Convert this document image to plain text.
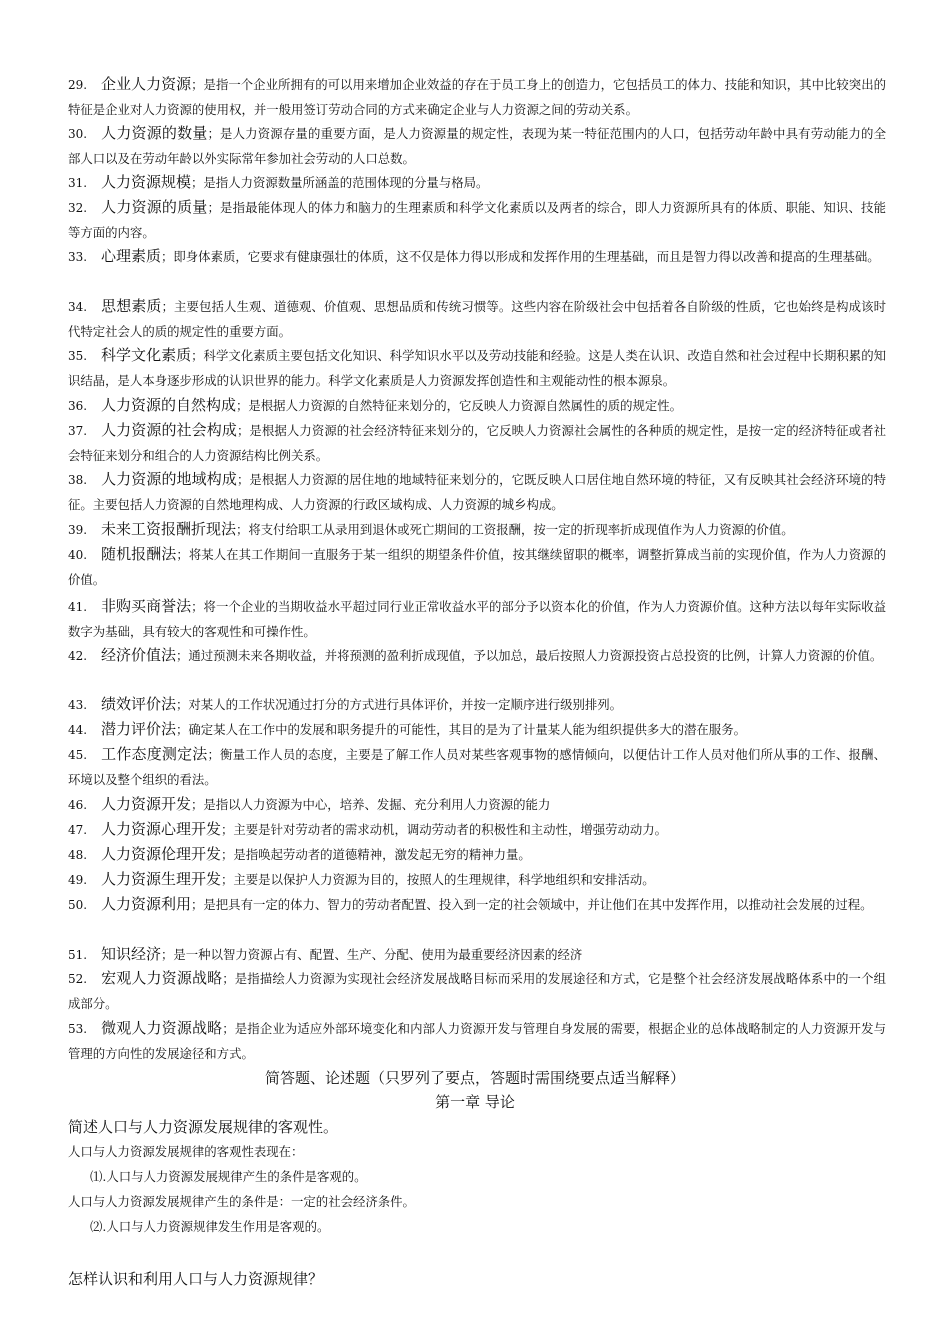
29. 企业人力资源；是指一个企业所拥有的可以用来增加企业效益的存在于员工身上的创造力，它包括员工的体力、技能和知识，其中比较突出的特征是企业对人力资源的使用权，并一般用签订劳动合同的方式来确定企业与人力资源之间的劳动关系。

30. 人力资源的数量；是人力资源存量的重要方面，是人力资源量的规定性，表现为某一特征范围内的人口，包括劳动年龄中具有劳动能力的全部人口以及在劳动年龄以外实际常年参加社会劳动的人口总数。

31. 人力资源规模；是指人力资源数量所涵盖的范围体现的分量与格局。

32. 人力资源的质量；是指最能体现人的体力和脑力的生理素质和科学文化素质以及两者的综合，即人力资源所具有的体质、职能、知识、技能等方面的内容。

33. 心理素质；即身体素质，它要求有健康强壮的体质，这不仅是体力得以形成和发挥作用的生理基础，而且是智力得以改善和提高的生理基础。

34. 思想素质；主要包括人生观、道德观、价值观、思想品质和传统习惯等。这些内容在阶级社会中包括着各自阶级的性质，它也始终是构成该时代特定社会人的质的规定性的重要方面。

35. 科学文化素质；科学文化素质主要包括文化知识、科学知识水平以及劳动技能和经验。这是人类在认识、改造自然和社会过程中长期积累的知识结晶，是人本身逐步形成的认识世界的能力。科学文化素质是人力资源发挥创造性和主观能动性的根本源泉。

36. 人力资源的自然构成；是根据人力资源的自然特征来划分的，它反映人力资源自然属性的质的规定性。

37. 人力资源的社会构成；是根据人力资源的社会经济特征来划分的，它反映人力资源社会属性的各种质的规定性，是按一定的经济特征或者社会特征来划分和组合的人力资源结构比例关系。

38. 人力资源的地域构成；是根据人力资源的居住地的地域特征来划分的，它既反映人口居住地自然环境的特征，又有反映其社会经济环境的特征。主要包括人力资源的自然地理构成、人力资源的行政区域构成、人力资源的城乡构成。

39. 未来工资报酬折现法；将支付给职工从录用到退休或死亡期间的工资报酬，按一定的折现率折成现值作为人力资源的价值。

40. 随机报酬法；将某人在其工作期间一直服务于某一组织的期望条件价值，按其继续留职的概率，调整折算成当前的实现价值，作为人力资源的价值。

41. 非购买商誉法；将一个企业的当期收益水平超过同行业正常收益水平的部分予以资本化的价值，作为人力资源价值。这种方法以每年实际收益数字为基础，具有较大的客观性和可操作性。

42. 经济价值法；通过预测未来各期收益，并将预测的盈利折成现值，予以加总，最后按照人力资源投资占总投资的比例，计算人力资源的价值。

43. 绩效评价法；对某人的工作状况通过打分的方式进行具体评价，并按一定顺序进行级别排列。

44. 潜力评价法；确定某人在工作中的发展和职务提升的可能性，其目的是为了计量某人能为组织提供多大的潜在服务。

45. 工作态度测定法；衡量工作人员的态度，主要是了解工作人员对某些客观事物的感情倾向，以便估计工作人员对他们所从事的工作、报酬、环境以及整个组织的看法。

46. 人力资源开发；是指以人力资源为中心，培养、发掘、充分利用人力资源的能力

47. 人力资源心理开发；主要是针对劳动者的需求动机，调动劳动者的积极性和主动性，增强劳动动力。

48. 人力资源伦理开发；是指唤起劳动者的道德精神，激发起无穷的精神力量。

49. 人力资源生理开发；主要是以保护人力资源为目的，按照人的生理规律，科学地组织和安排活动。

50. 人力资源利用；是把具有一定的体力、智力的劳动者配置、投入到一定的社会领域中，并让他们在其中发挥作用，以推动社会发展的过程。

51. 知识经济；是一种以智力资源占有、配置、生产、分配、使用为最重要经济因素的经济

52. 宏观人力资源战略；是指描绘人力资源为实现社会经济发展战略目标而采用的发展途径和方式，它是整个社会经济发展战略体系中的一个组成部分。

53. 微观人力资源战略；是指企业为适应外部环境变化和内部人力资源开发与管理自身发展的需要，根据企业的总体战略制定的人力资源开发与管理的方向性的发展途径和方式。

简答题、论述题（只罗列了要点，答题时需围绕要点适当解释）

第一章 导论

简述人口与人力资源发展规律的客观性。

人口与人力资源发展规律的客观性表现在：

⑴.人口与人力资源发展规律产生的条件是客观的。

人口与人力资源发展规律产生的条件是：一定的社会经济条件。

⑵.人口与人力资源规律发生作用是客观的。

怎样认识和利用人口与人力资源规律？
